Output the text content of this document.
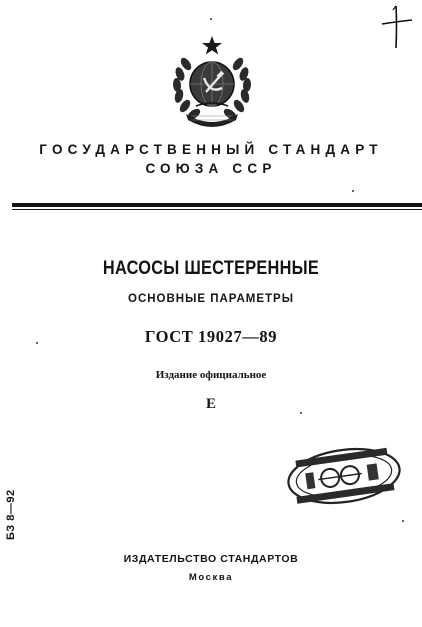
ГОСУДАРСТВЕННЫЙ СТАНДАРТ
СОЮЗА ССР
НАСОСЫ ШЕСТЕРЕННЫЕ
ОСНОВНЫЕ ПАРАМЕТРЫ
ГОСТ 19027—89
Издание официальное
Е
БЗ 8—92
ИЗДАТЕЛЬСТВО СТАНДАРТОВ
Москва
